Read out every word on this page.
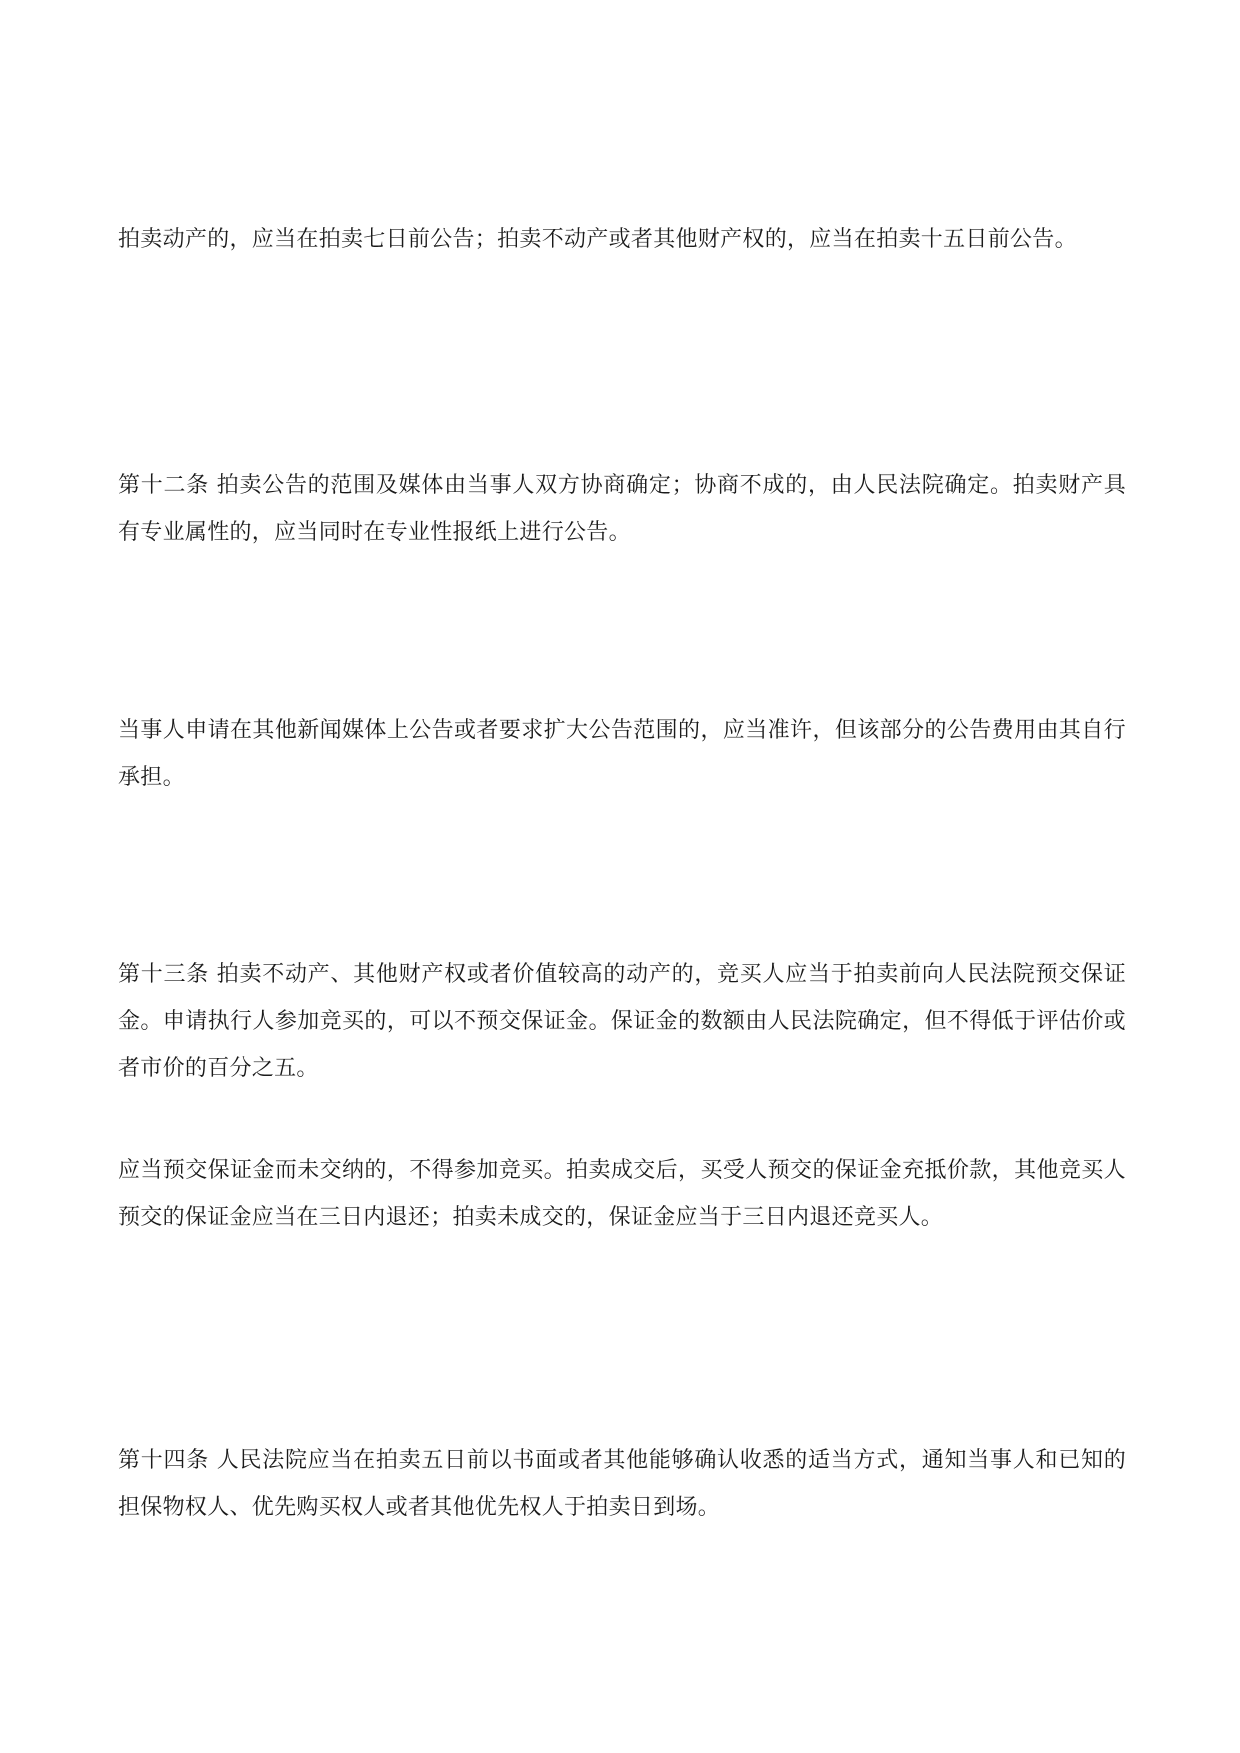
拍卖动产的，应当在拍卖七日前公告；拍卖不动产或者其他财产权的，应当在拍卖十五日前公告。

第十二条 拍卖公告的范围及媒体由当事人双方协商确定；协商不成的，由人民法院确定。拍卖财产具有专业属性的，应当同时在专业性报纸上进行公告。

当事人申请在其他新闻媒体上公告或者要求扩大公告范围的，应当准许，但该部分的公告费用由其自行承担。

第十三条 拍卖不动产、其他财产权或者价值较高的动产的，竞买人应当于拍卖前向人民法院预交保证金。申请执行人参加竞买的，可以不预交保证金。保证金的数额由人民法院确定，但不得低于评估价或者市价的百分之五。

应当预交保证金而未交纳的，不得参加竞买。拍卖成交后，买受人预交的保证金充抵价款，其他竞买人预交的保证金应当在三日内退还；拍卖未成交的，保证金应当于三日内退还竞买人。

第十四条 人民法院应当在拍卖五日前以书面或者其他能够确认收悉的适当方式，通知当事人和已知的担保物权人、优先购买权人或者其他优先权人于拍卖日到场。
